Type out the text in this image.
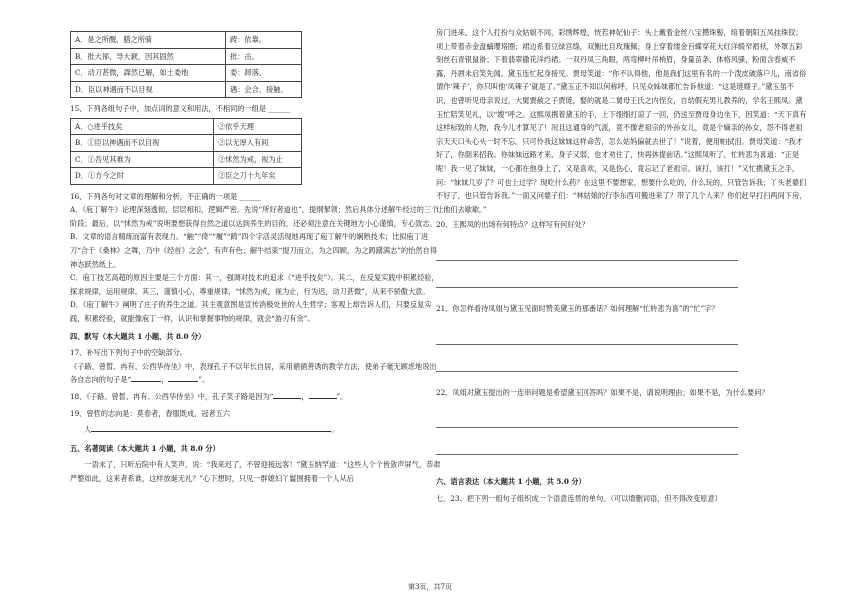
A．是之所醒，腊之所骑	踌：依靠。
B．批大郤，导大窾，因其固然	批：击。
C．动刀甚微，謋然已解，如土委地	委：卸落。
D．臣以神遇而不以目视	遇：会合、接触。

15、下列各组句子中，加点词的意义和用法，不相同的一组是 ______

A．○进乎技矣	②依乎天理
B．①臣以神遇而不以目视	②以无厚入有间
C．①吾见其难为	②怵然为戒，视为止
D．①方今之时	②臣之刀十九年矣

16、下列各句对文章的理解和分析，不正确的一项是 ______

A．《庖丁解牛》论理深刻透彻，层层相扣，逻辑严密。先说“所好者道也”，提纲挈领；然后具体分述解牛经过的三个阶段；最后，以“怵然为戒”说明要想获得自然之道以达到养生的目的，还必须注意在关键地方小心谨慎，专心致志。

B．文章的语言精练而富有表现力。“触”“倚”“履”“踦”四个字活灵活现地再现了庖丁解牛的娴熟技术；比拟庖丁进刀“合于《桑林》之舞，乃中《经首》之会”，有声有色；解牛结束“提刀而立，为之四顾，为之踌躇满志”的怡然自得神态跃然纸上。

C．庖丁技艺高超的原因主要是三个方面：其一，强调对技术的追求（“进乎技矣”）。其二，在反复实践中积累经验，探求规律，运用规律。其三，谨慎小心，尊重规律，“怵然为戒，视为止，行为迟，动刀甚微”，从来不骄傲大意。

D．《庖丁解牛》阐明了庄子的养生之道。其主观意图是宣传消极处世的人生哲学；客观上却告诉人们，只要反复实践，积累经验，就能像庖丁一样，认识和掌握事物的规律，就会“游刃有余”。

四、默写（本大题共 1 小题，共 8.0 分）

17、补写出下列句子中的空缺部分。

《子路、曾皙、冉有、公西华侍坐》中，表现孔子不以年长自居，采用循循善诱的教学方法，使弟子毫无顾虑地说出各自志向的句子是“	，	”。

18、《子路、曾皙、冉有、公西华侍坐》中，孔子笑子路是因为“	，	”。

19、曾哲的志向是：莫春者，春服既成，冠者五六

人	。

五、名著阅读（本大题共 1 小题，共 8.0 分）

一语未了，只听后院中有人笑声，说：“我来迟了，不曾迎接远客！”黛玉纳罕道：“这些人个个皆敛声屏气，恭肃严整如此，这来者系谁，这样放诞无礼？”心下想时，只见一群媳妇丫鬟围拥着一个人从后

房门进来。这个人打扮与众姑娘不同，彩绣辉煌，恍若神妃仙子：头上戴着金丝八宝攒珠髻，绾着朝阳五凤挂珠钗；项上带着赤金盘螭璎珞圈；裙边系着豆绿宫绦，双衡比目玫瑰佩；身上穿着缕金百蝶穿花大红洋缎窄褃袄，外罩五彩刻丝石青银鼠褂；下着翡翠撒花洋绉裙。一双丹凤三角眼，两弯柳叶吊梢眉，身量苗条，体格风骚，粉面含春威不露，丹唇未启笑先闻。黛玉连忙起身接见。贾母笑道：“你不认得他，他是我们这里有名的一个泼皮破落户儿，南省俗谓作‘辣子’，你只叫他‘凤辣子’就是了。”黛玉正不知以何称呼，只见众姊妹都忙告诉他道：“这是琏嫂子。”黛玉虽不识，也曾听见母亲说过，大舅贾赦之子贾琏，娶的就是二舅母王氏之内侄女，自幼假充男儿教养的，学名王熙凤。黛玉忙陪笑见礼，以“嫂”呼之。这熙凤携着黛玉的手，上下细细打谅了一回，仍送至贾母身边坐下，因笑道：“天下真有这样标致的人物，我今儿才算见了！况且这通身的气派，竟不像老祖宗的外孙女儿，竟是个嫡亲的孙女，怨不得老祖宗天天口头心头一时不忘。只可怜我这妹妹这样命苦，怎么姑妈偏就去世了！”说着，便用帕拭泪。贾母笑道：“我才好了，你倒来招我。你妹妹远路才来，身子又弱，也才劝住了，快再休提前话。”这熙凤听了，忙转悲为喜道：“正是呢！我一见了妹妹，一心都在他身上了，又是喜欢，又是伤心，竟忘记了老祖宗。该打，该打！”又忙携黛玉之手，问：“妹妹几岁了？可也上过学？现吃什么药？在这里不要想家，想要什么吃的，什么玩的，只管告诉我；丫头老婆们不好了，也只管告诉我。”一面又问婆子们：“林姑娘的行李东西可搬进来了？带了几个人来？你们赶早打扫两间下房，让他们去歇歇。”

20、王熙凤的出场有何特点？这样写有何好处？

21、你怎样看待凤姐与黛玉见面时赞美黛玉的那番话？如何理解“忙转悲为喜”的“忙”字？

22、凤姐对黛玉提出的一连串问题是希望黛玉回答吗？如果不是，请说明理由；如果不是，为什么要问？

六、语言表达（本大题共 1 小题，共 5.0 分）

七、23、把下列一组句子组织成一个语意连贯的单句。（可以增删词语，但不得改变原意）

第3页，共7页
